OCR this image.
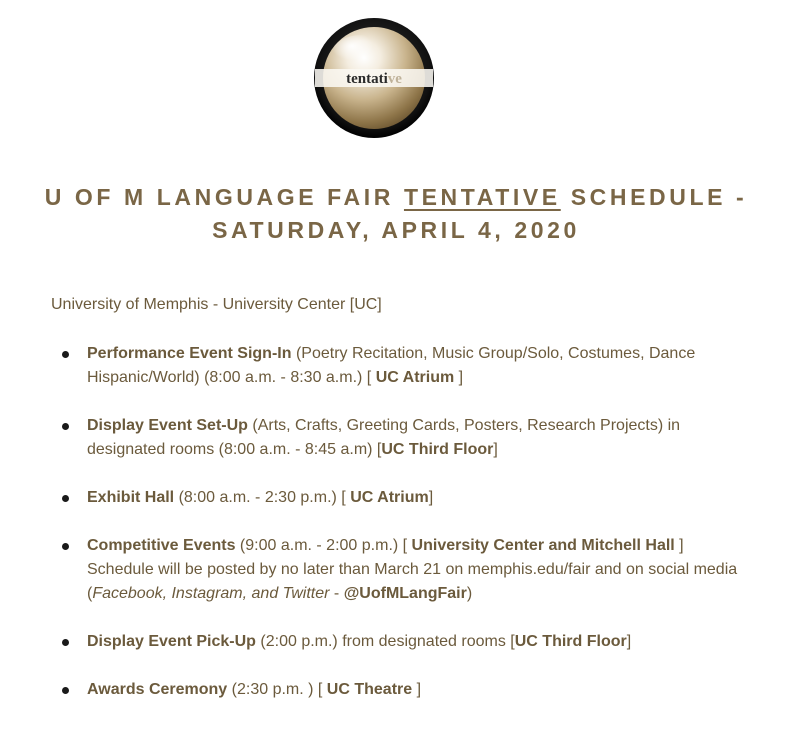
tentative
U OF M LANGUAGE FAIR TENTATIVE SCHEDULE -
SATURDAY, APRIL 4, 2020
University of Memphis - University Center [UC]
Performance Event Sign-In (Poetry Recitation, Music Group/Solo, Costumes, Dance Hispanic/World) (8:00 a.m. - 8:30 a.m.) [ UC Atrium ]
Display Event Set-Up (Arts, Crafts, Greeting Cards, Posters, Research Projects) in designated rooms (8:00 a.m. - 8:45 a.m) [UC Third Floor]
Exhibit Hall (8:00 a.m. - 2:30 p.m.) [ UC Atrium]
Competitive Events (9:00 a.m. - 2:00 p.m.) [ University Center and Mitchell Hall ] Schedule will be posted by no later than March 21 on memphis.edu/fair and on social media (Facebook, Instagram, and Twitter - @UofMLangFair)
Display Event Pick-Up (2:00 p.m.) from designated rooms [UC Third Floor]
Awards Ceremony (2:30 p.m. ) [ UC Theatre ]
